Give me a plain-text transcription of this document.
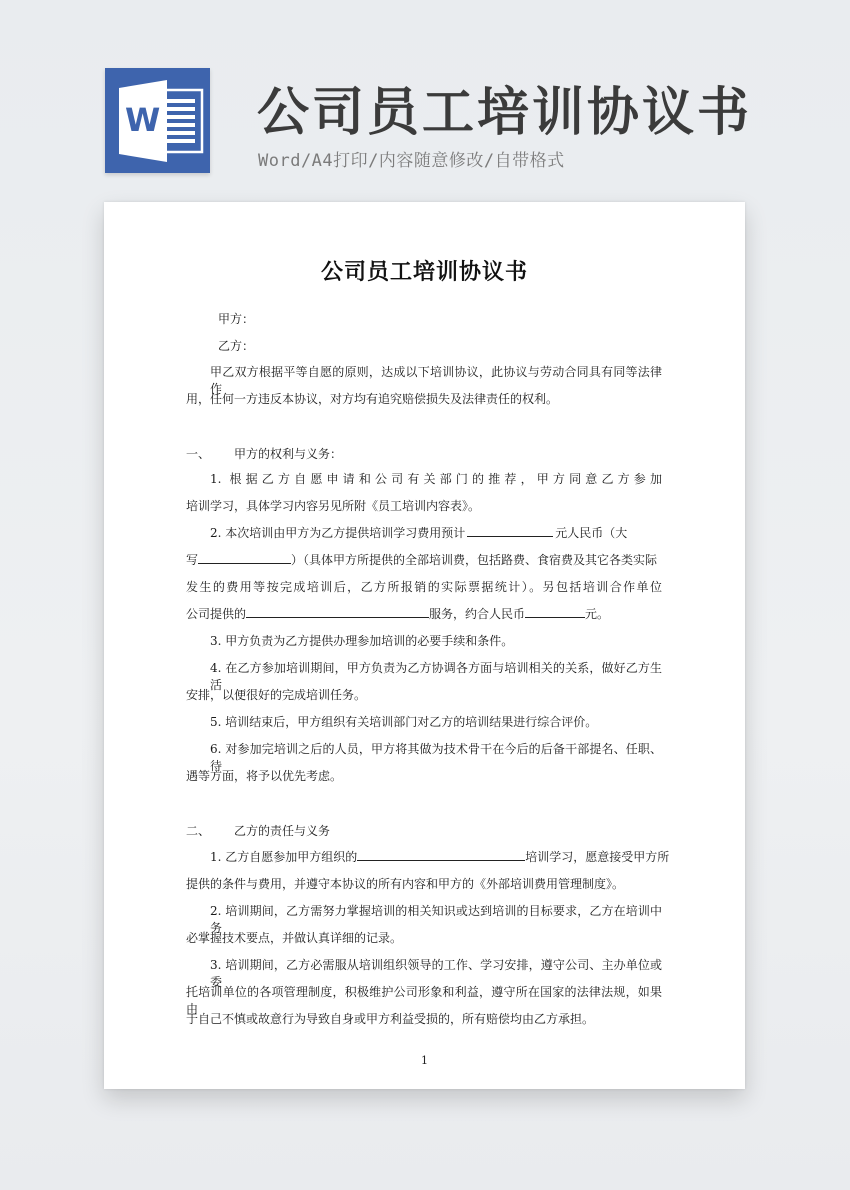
W 公司员工培训协议书
Word/A4打印/内容随意修改/自带格式
公司员工培训协议书
甲方：
乙方：
甲乙双方根据平等自愿的原则，达成以下培训协议，此协议与劳动合同具有同等法律作
用，任何一方违反本协议，对方均有追究赔偿损失及法律责任的权利。
一、 甲方的权利与义务：
1. 根据乙方自愿申请和公司有关部门的推荐，甲方同意乙方参加
培训学习，具体学习内容另见所附《员工培训内容表》。
2. 本次培训由甲方为乙方提供培训学习费用预计	元人民币（大
写	）（具体甲方所提供的全部培训费，包括路费、食宿费及其它各类实际
发生的费用等按完成培训后，乙方所报销的实际票据统计）。另包括培训合作单位
公司提供的	服务，约合人民币	元。
3. 甲方负责为乙方提供办理参加培训的必要手续和条件。
4. 在乙方参加培训期间，甲方负责为乙方协调各方面与培训相关的关系，做好乙方生活
安排，以便很好的完成培训任务。
5. 培训结束后，甲方组织有关培训部门对乙方的培训结果进行综合评价。
6. 对参加完培训之后的人员，甲方将其做为技术骨干在今后的后备干部提名、任职、待
遇等方面，将予以优先考虑。
二、 乙方的责任与义务
1. 乙方自愿参加甲方组织的	培训学习，愿意接受甲方所
提供的条件与费用，并遵守本协议的所有内容和甲方的《外部培训费用管理制度》。
2. 培训期间，乙方需努力掌握培训的相关知识或达到培训的目标要求，乙方在培训中务
必掌握技术要点，并做认真详细的记录。
3. 培训期间，乙方必需服从培训组织领导的工作、学习安排，遵守公司、主办单位或委
托培训单位的各项管理制度，积极维护公司形象和利益，遵守所在国家的法律法规，如果由
于自己不慎或故意行为导致自身或甲方利益受损的，所有赔偿均由乙方承担。
1
